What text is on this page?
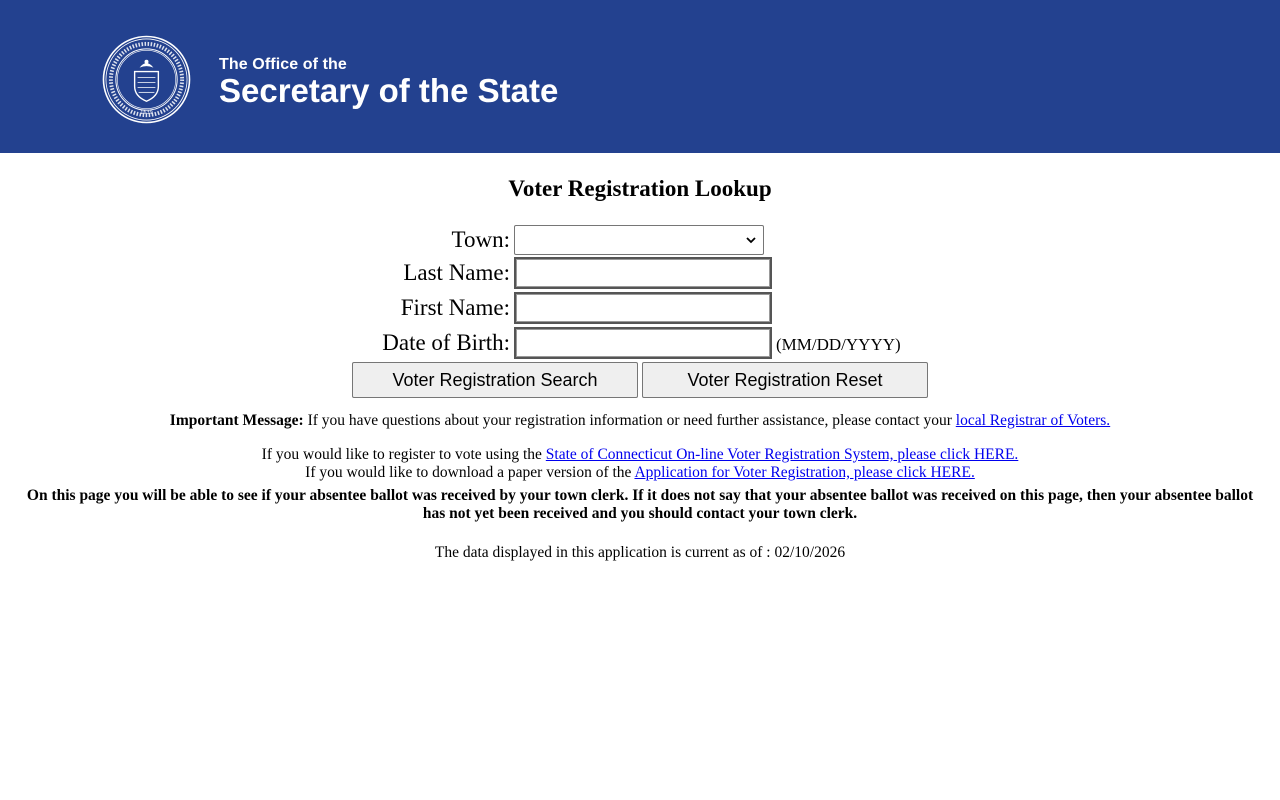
1639
The Office of the
Secretary of the State
Voter Registration Lookup
Town:
Last Name:
First Name:
Date of Birth:	(MM/DD/YYYY)
Voter Registration Search	Voter Registration Reset
Important Message: If you have questions about your registration information or need further assistance, please contact your local Registrar of Voters.
If you would like to register to vote using the State of Connecticut On-line Voter Registration System, please click HERE.
If you would like to download a paper version of the Application for Voter Registration, please click HERE.
On this page you will be able to see if your absentee ballot was received by your town clerk. If it does not say that your absentee ballot was received on this page, then your absentee ballot
has not yet been received and you should contact your town clerk.
The data displayed in this application is current as of : 02/10/2026
